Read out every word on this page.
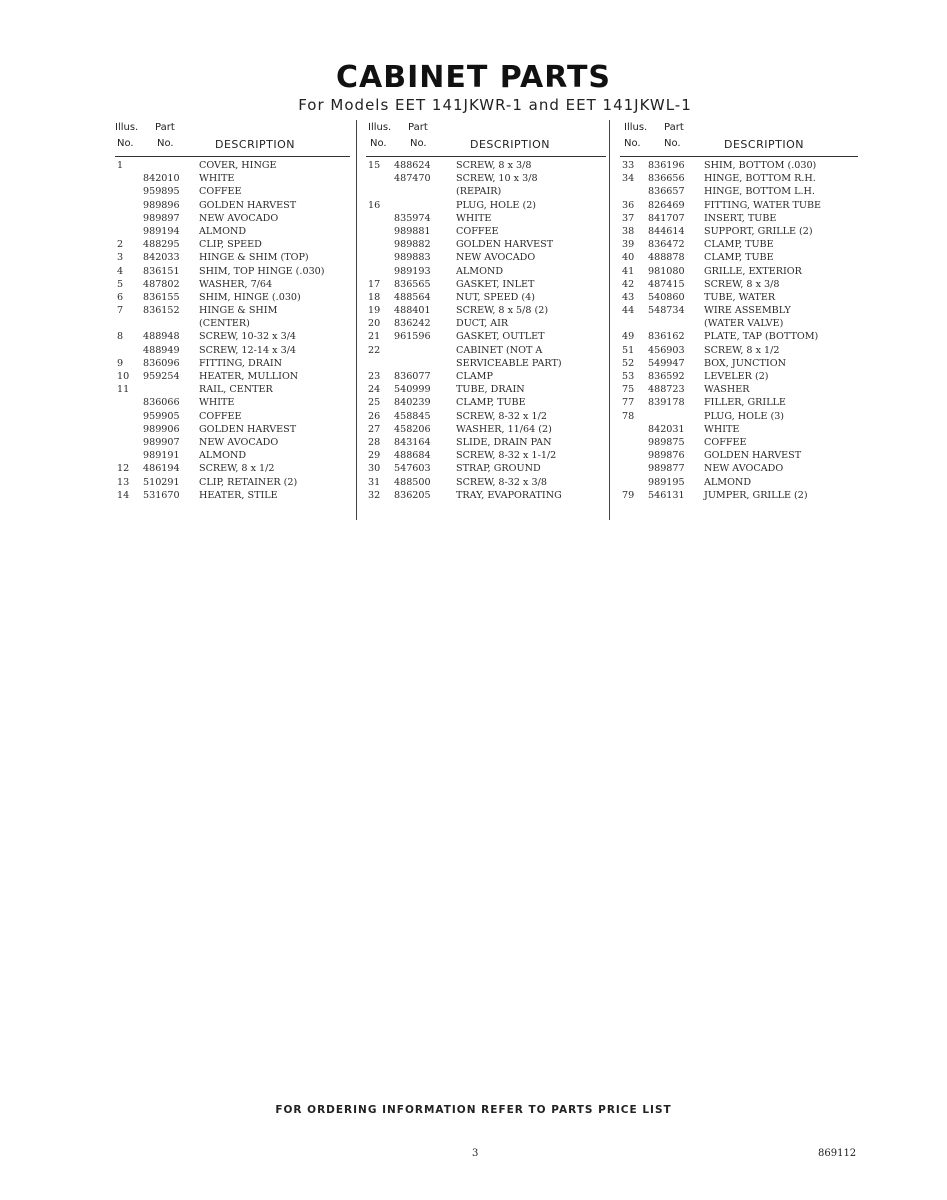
CABINET PARTS
For Models EET 141JKWR-1 and EET 141JKWL-1
Illus. Part
No. No.	DESCRIPTION
1	COVER, HINGE
842010 WHITE
959895 COFFEE
989896 GOLDEN HARVEST
989897 NEW AVOCADO
989194 ALMOND
2	488295 CLIP, SPEED
3	842033 HINGE & SHIM (TOP)
4	836151 SHIM, TOP HINGE (.030)
5	487802 WASHER, 7/64
6	836155 SHIM, HINGE (.030)
7	836152 HINGE & SHIM
(CENTER)
8	488948 SCREW, 10-32 x 3/4
488949 SCREW, 12-14 x 3/4
9	836096 FITTING, DRAIN
10	959254 HEATER, MULLION
11	RAIL, CENTER
836066 WHITE
959905 COFFEE
989906 GOLDEN HARVEST
989907 NEW AVOCADO
989191 ALMOND
12	486194 SCREW, 8 x 1/2
13	510291 CLIP, RETAINER (2)
14	531670 HEATER, STILE
Illus. Part
No. No.	DESCRIPTION
15	488624	SCREW, 8 x 3/8
487470	SCREW, 10 x 3/8
(REPAIR)
16	PLUG, HOLE (2)
835974	WHITE
989881	COFFEE
989882	GOLDEN HARVEST
989883	NEW AVOCADO
989193	ALMOND
17	836565	GASKET, INLET
18	488564	NUT, SPEED (4)
19	488401	SCREW, 8 x 5/8 (2)
20	836242	DUCT, AIR
21	961596	GASKET, OUTLET
22	CABINET (NOT A
SERVICEABLE PART)
23	836077	CLAMP
24	540999	TUBE, DRAIN
25	840239	CLAMP, TUBE
26	458845	SCREW, 8-32 x 1/2
27	458206	WASHER, 11/64 (2)
28	843164	SLIDE, DRAIN PAN
29	488684	SCREW, 8-32 x 1-1/2
30	547603	STRAP, GROUND
31	488500	SCREW, 8-32 x 3/8
32	836205	TRAY, EVAPORATING
Illus. Part
No. No.	DESCRIPTION
33	836196 SHIM, BOTTOM (.030)
34	836656 HINGE, BOTTOM R.H.
836657 HINGE, BOTTOM L.H.
36	826469 FITTING, WATER TUBE
37	841707 INSERT, TUBE
38	844614 SUPPORT, GRILLE (2)
39	836472 CLAMP, TUBE
40	488878 CLAMP, TUBE
41	981080 GRILLE, EXTERIOR
42	487415 SCREW, 8 x 3/8
43	540860 TUBE, WATER
44	548734 WIRE ASSEMBLY
(WATER VALVE)
49	836162 PLATE, TAP (BOTTOM)
51	456903 SCREW, 8 x 1/2
52	549947 BOX, JUNCTION
53	836592 LEVELER (2)
75	488723 WASHER
77	839178 FILLER, GRILLE
78	PLUG, HOLE (3)
842031 WHITE
989875 COFFEE
989876 GOLDEN HARVEST
989877 NEW AVOCADO
989195 ALMOND
79	546131 JUMPER, GRILLE (2)
FOR ORDERING INFORMATION REFER TO PARTS PRICE LIST
3	869112
